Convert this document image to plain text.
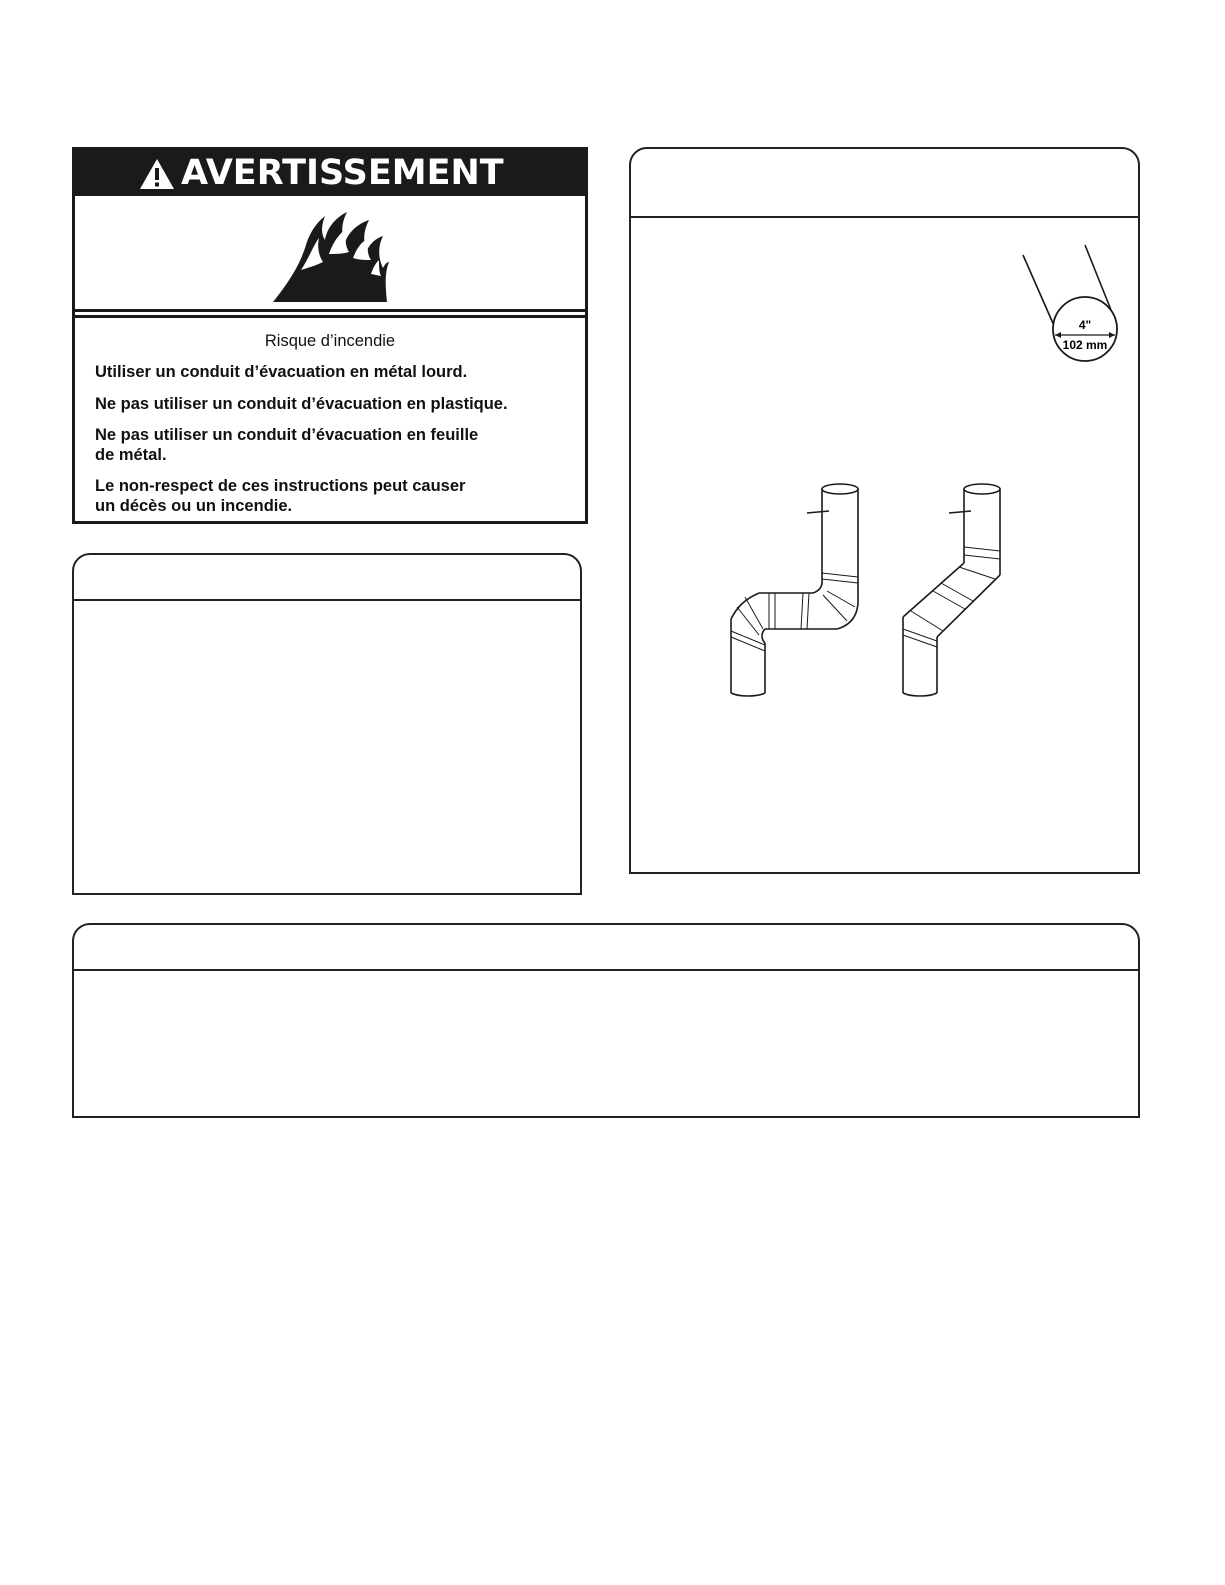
AVERTISSEMENT
Risque d’incendie

Utiliser un conduit d’évacuation en métal lourd.

Ne pas utiliser un conduit d’évacuation en plastique.

Ne pas utiliser un conduit d’évacuation en feuille

de métal.

Le non-respect de ces instructions peut causer

un décès ou un incendie.

4"
102 mm
